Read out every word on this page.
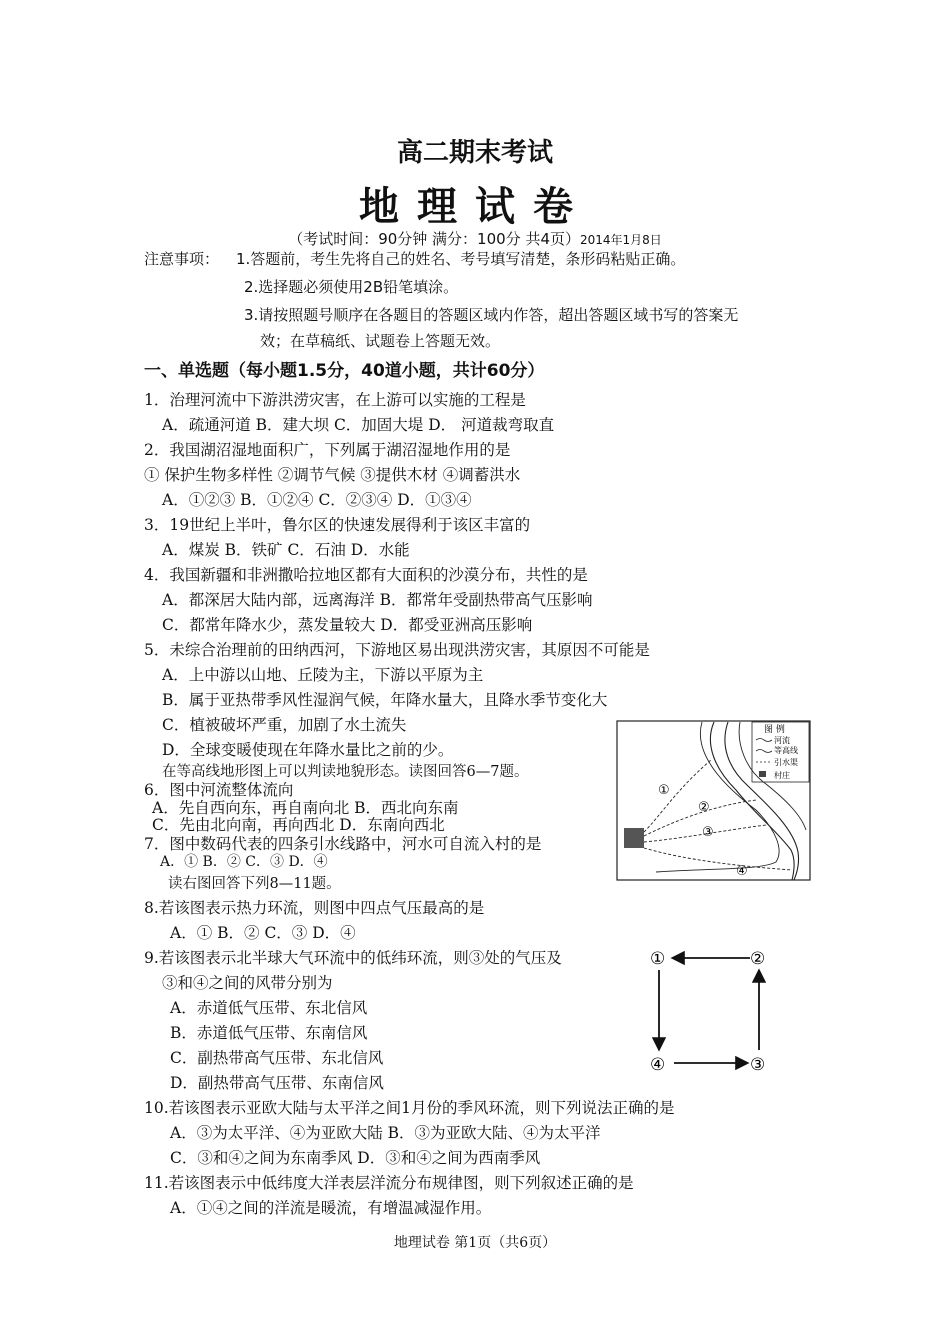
高二期末考试
地理试卷
（考试时间：90分钟 满分：100分 共4页）2014年1月8日
注意事项： 1.答题前，考生先将自己的姓名、考号填写清楚，条形码粘贴正确。
2.选择题必须使用2B铅笔填涂。
3.请按照题号顺序在各题目的答题区域内作答，超出答题区域书写的答案无
效；在草稿纸、试题卷上答题无效。
一、单选题（每小题1.5分，40道小题，共计60分）
1．治理河流中下游洪涝灾害，在上游可以实施的工程是
A．疏通河道 B．建大坝 C．加固大堤 D． 河道裁弯取直
2．我国湖沼湿地面积广，下列属于湖沼湿地作用的是
① 保护生物多样性 ②调节气候 ③提供木材 ④调蓄洪水
A．①②③ B．①②④ C．②③④ D．①③④
3．19世纪上半叶，鲁尔区的快速发展得利于该区丰富的
A．煤炭 B．铁矿 C．石油 D．水能
4．我国新疆和非洲撒哈拉地区都有大面积的沙漠分布，共性的是
A．都深居大陆内部，远离海洋 B．都常年受副热带高气压影响
C．都常年降水少，蒸发量较大 D．都受亚洲高压影响
5．未综合治理前的田纳西河，下游地区易出现洪涝灾害，其原因不可能是
A．上中游以山地、丘陵为主，下游以平原为主
B．属于亚热带季风性湿润气候，年降水量大，且降水季节变化大
C．植被破坏严重，加剧了水土流失
D．全球变暖使现在年降水量比之前的少。
在等高线地形图上可以判读地貌形态。读图回答6—7题。
6．图中河流整体流向
A．先自西向东，再自南向北 B．西北向东南
C．先由北向南，再向西北 D．东南向西北
7．图中数码代表的四条引水线路中，河水可自流入村的是
A．① B．② C．③ D．④
读右图回答下列8—11题。
8.若该图表示热力环流，则图中四点气压最高的是
A．① B．② C．③ D．④
9.若该图表示北半球大气环流中的低纬环流，则③处的气压及
③和④之间的风带分别为
A．赤道低气压带、东北信风
B．赤道低气压带、东南信风
C．副热带高气压带、东北信风
D．副热带高气压带、东南信风
10.若该图表示亚欧大陆与太平洋之间1月份的季风环流，则下列说法正确的是
A．③为太平洋、④为亚欧大陆 B．③为亚欧大陆、④为太平洋
C．③和④之间为东南季风 D．③和④之间为西南季风
11.若该图表示中低纬度大洋表层洋流分布规律图，则下列叙述正确的是
A．①④之间的洋流是暖流，有增温减湿作用。
图 例
河流
等高线
引水渠
村庄
①
②
③
④
①	②
③
④
地理试卷 第1页（共6页）
